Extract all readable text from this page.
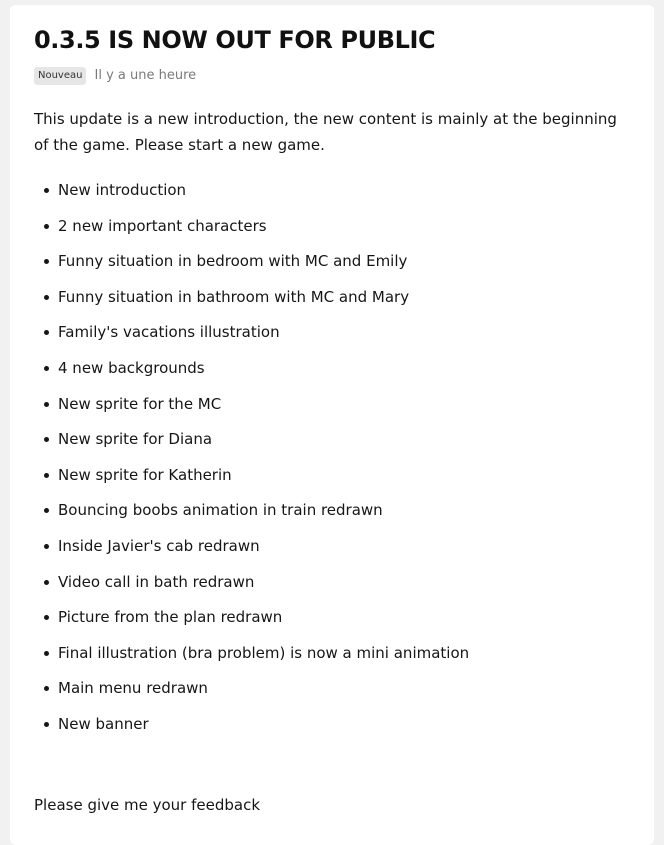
0.3.5 IS NOW OUT FOR PUBLIC
Nouveau Il y a une heure

This update is a new introduction, the new content is mainly at the beginning of the game. Please start a new game.

New introduction
2 new important characters
Funny situation in bedroom with MC and Emily
Funny situation in bathroom with MC and Mary
Family's vacations illustration
4 new backgrounds
New sprite for the MC
New sprite for Diana
New sprite for Katherin
Bouncing boobs animation in train redrawn
Inside Javier's cab redrawn
Video call in bath redrawn
Picture from the plan redrawn
Final illustration (bra problem) is now a mini animation
Main menu redrawn
New banner

Please give me your feedback
